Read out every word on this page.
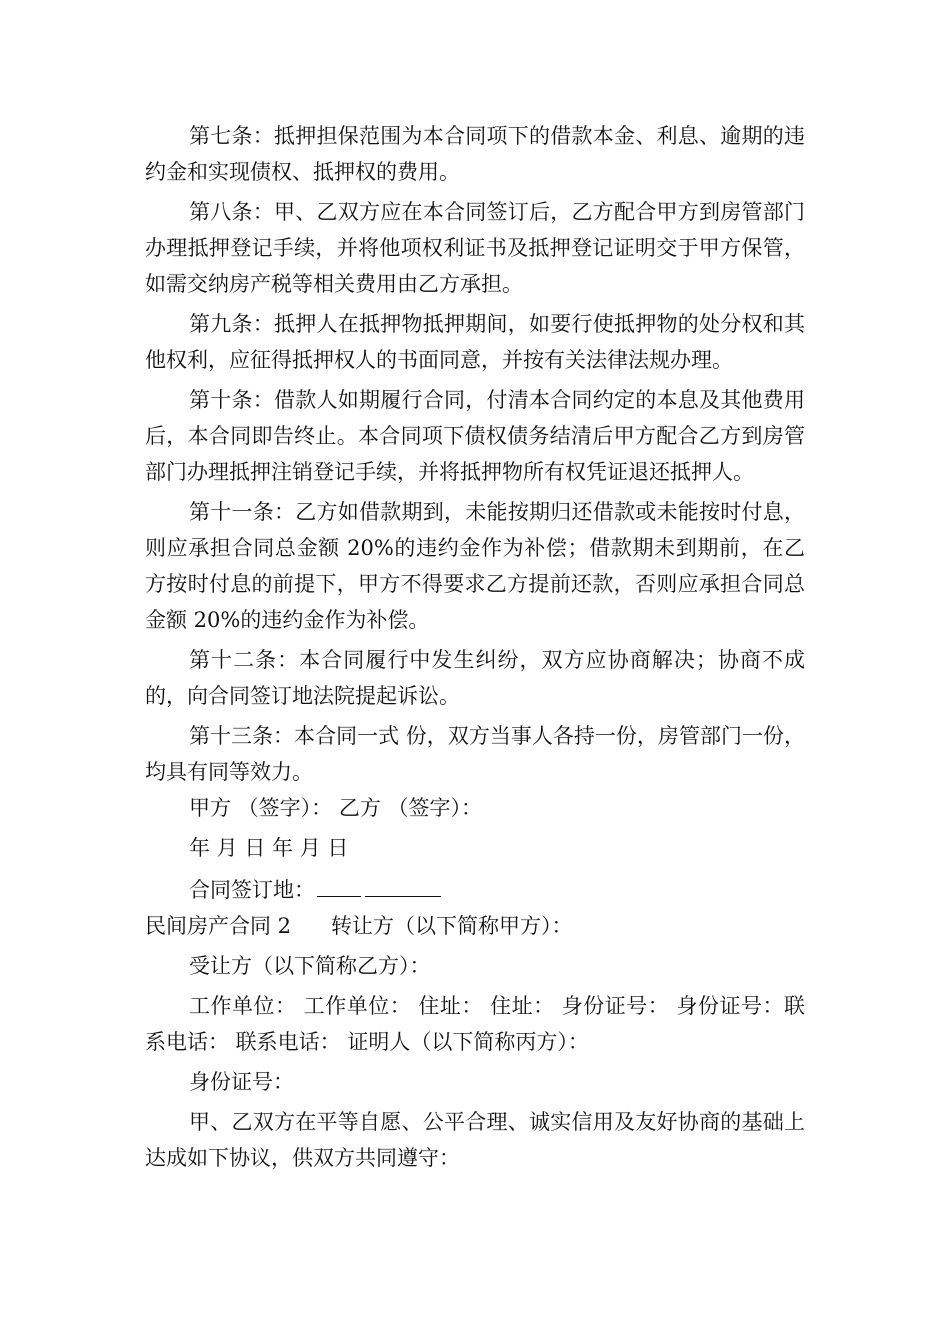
第七条：抵押担保范围为本合同项下的借款本金、利息、逾期的违约金和实现债权、抵押权的费用。

第八条：甲、乙双方应在本合同签订后，乙方配合甲方到房管部门办理抵押登记手续，并将他项权利证书及抵押登记证明交于甲方保管，如需交纳房产税等相关费用由乙方承担。

第九条：抵押人在抵押物抵押期间，如要行使抵押物的处分权和其他权利，应征得抵押权人的书面同意，并按有关法律法规办理。

第十条：借款人如期履行合同，付清本合同约定的本息及其他费用后，本合同即告终止。本合同项下债权债务结清后甲方配合乙方到房管部门办理抵押注销登记手续，并将抵押物所有权凭证退还抵押人。

第十一条：乙方如借款期到，未能按期归还借款或未能按时付息，则应承担合同总金额 20%的违约金作为补偿；借款期未到期前，在乙方按时付息的前提下，甲方不得要求乙方提前还款，否则应承担合同总金额 20%的违约金作为补偿。

第十二条：本合同履行中发生纠纷，双方应协商解决；协商不成的，向合同签订地法院提起诉讼。

第十三条：本合同一式 份，双方当事人各持一份，房管部门一份，均具有同等效力。

甲方 （签字）： 乙方 （签字）：

年 月 日 年 月 日

合同签订地：

民间房产合同 2 转让方（以下简称甲方）：

受让方（以下简称乙方）：

工作单位： 工作单位： 住址： 住址： 身份证号： 身份证号：联系电话： 联系电话： 证明人（以下简称丙方）：

身份证号：

甲、乙双方在平等自愿、公平合理、诚实信用及友好协商的基础上达成如下协议，供双方共同遵守：
